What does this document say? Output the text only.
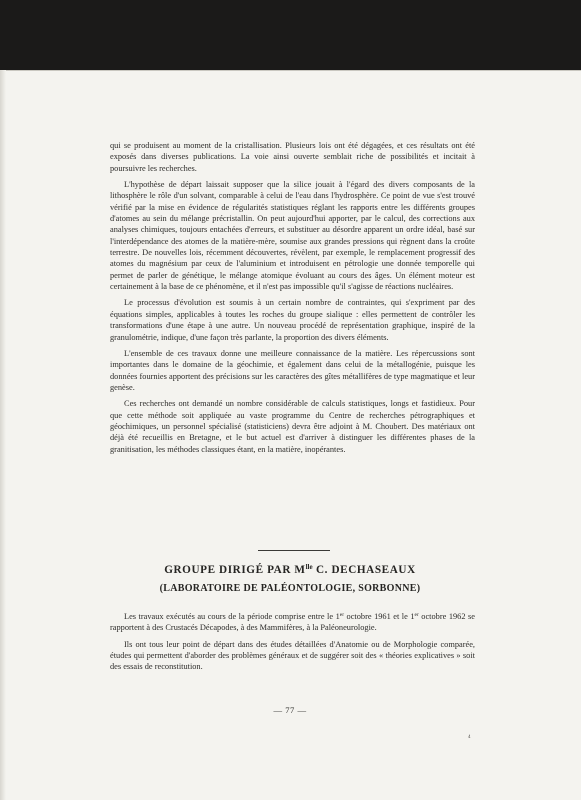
qui se produisent au moment de la cristallisation. Plusieurs lois ont été dégagées, et ces résultats ont été exposés dans diverses publications. La voie ainsi ouverte semblait riche de possibilités et incitait à poursuivre les recherches.

L'hypothèse de départ laissait supposer que la silice jouait à l'égard des divers composants de la lithosphère le rôle d'un solvant, comparable à celui de l'eau dans l'hydrosphère. Ce point de vue s'est trouvé vérifié par la mise en évidence de régularités statistiques réglant les rapports entre les différents groupes d'atomes au sein du mélange précristallin. On peut aujourd'hui apporter, par le calcul, des corrections aux analyses chimiques, toujours entachées d'erreurs, et substituer au désordre apparent un ordre idéal, basé sur l'interdépendance des atomes de la matière-mère, soumise aux grandes pressions qui règnent dans la croûte terrestre. De nouvelles lois, récemment découvertes, révèlent, par exemple, le remplacement progressif des atomes du magnésium par ceux de l'aluminium et introduisent en pétrologie une donnée temporelle qui permet de parler de génétique, le mélange atomique évoluant au cours des âges. Un élément moteur est certainement à la base de ce phénomène, et il n'est pas impossible qu'il s'agisse de réactions nucléaires.

Le processus d'évolution est soumis à un certain nombre de contraintes, qui s'expriment par des équations simples, applicables à toutes les roches du groupe sialique : elles permettent de contrôler les transformations d'une étape à une autre. Un nouveau procédé de représentation graphique, inspiré de la granulométrie, indique, d'une façon très parlante, la proportion des divers éléments.

L'ensemble de ces travaux donne une meilleure connaissance de la matière. Les répercussions sont importantes dans le domaine de la géochimie, et également dans celui de la métallogénie, puisque les données fournies apportent des précisions sur les caractères des gîtes métallifères de type magmatique et leur genèse.

Ces recherches ont demandé un nombre considérable de calculs statistiques, longs et fastidieux. Pour que cette méthode soit appliquée au vaste programme du Centre de recherches pétrographiques et géochimiques, un personnel spécialisé (statisticiens) devra être adjoint à M. Choubert. Des matériaux ont déjà été recueillis en Bretagne, et le but actuel est d'arriver à distinguer les différentes phases de la granitisation, les méthodes classiques étant, en la matière, inopérantes.

GROUPE DIRIGÉ PAR $M^{lle}$ C. DECHASEAUX
(LABORATOIRE DE PALÉONTOLOGIE, SORBONNE)

Les travaux exécutés au cours de la période comprise entre le 1er octobre 1961 et le 1er octobre 1962 se rapportent à des Crustacés Décapodes, à des Mammifères, à la Paléoneurologie.

Ils ont tous leur point de départ dans des études détaillées d'Anatomie ou de Morphologie comparée, études qui permettent d'aborder des problèmes généraux et de suggérer soit des « théories explicatives » soit des essais de reconstitution.

— 77 —
4
